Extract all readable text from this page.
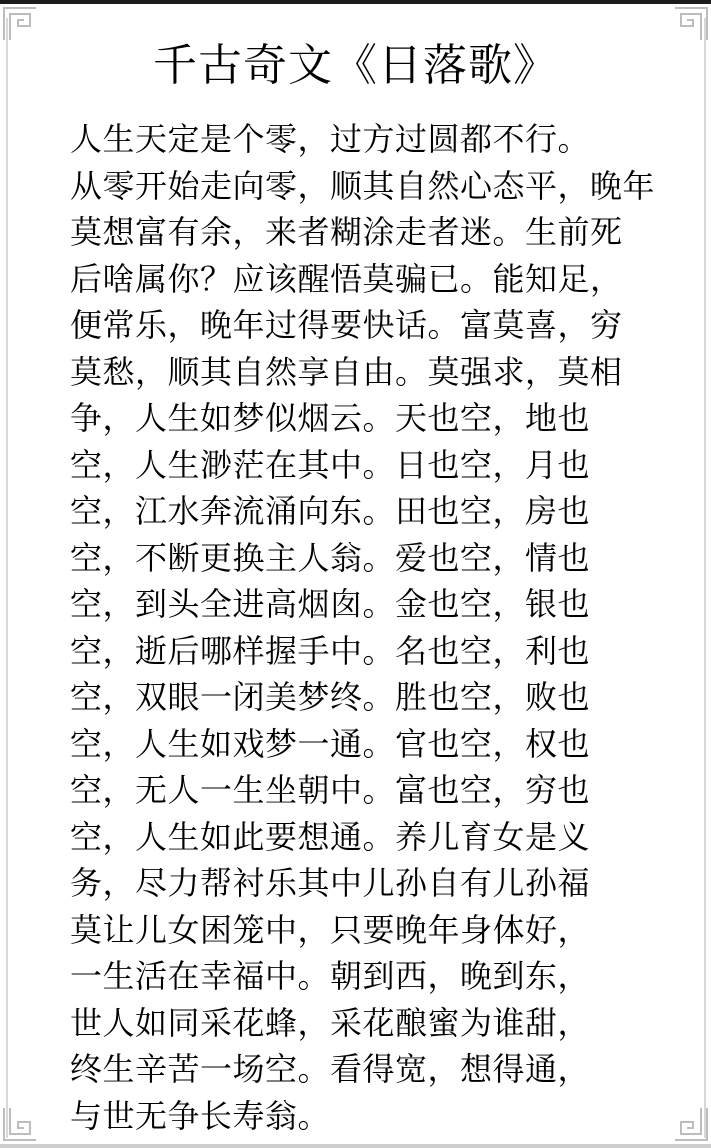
千古奇文《日落歌》
人生天定是个零，过方过圆都不行。
从零开始走向零，顺其自然心态平，晚年
莫想富有余，来者糊涂走者迷。生前死
后啥属你？应该醒悟莫骗已。能知足，
便常乐，晚年过得要快话。富莫喜，穷
莫愁，顺其自然享自由。莫强求，莫相
争，人生如梦似烟云。天也空，地也
空，人生渺茫在其中。日也空，月也
空，江水奔流涌向东。田也空，房也
空，不断更换主人翁。爱也空，情也
空，到头全进高烟囱。金也空，银也
空，逝后哪样握手中。名也空，利也
空，双眼一闭美梦终。胜也空，败也
空，人生如戏梦一通。官也空，权也
空，无人一生坐朝中。富也空，穷也
空，人生如此要想通。养儿育女是义
务，尽力帮衬乐其中儿孙自有儿孙福
莫让儿女困笼中，只要晚年身体好，
一生活在幸福中。朝到西，晚到东，
世人如同采花蜂，采花酿蜜为谁甜，
终生辛苦一场空。看得宽，想得通，
与世无争长寿翁。
